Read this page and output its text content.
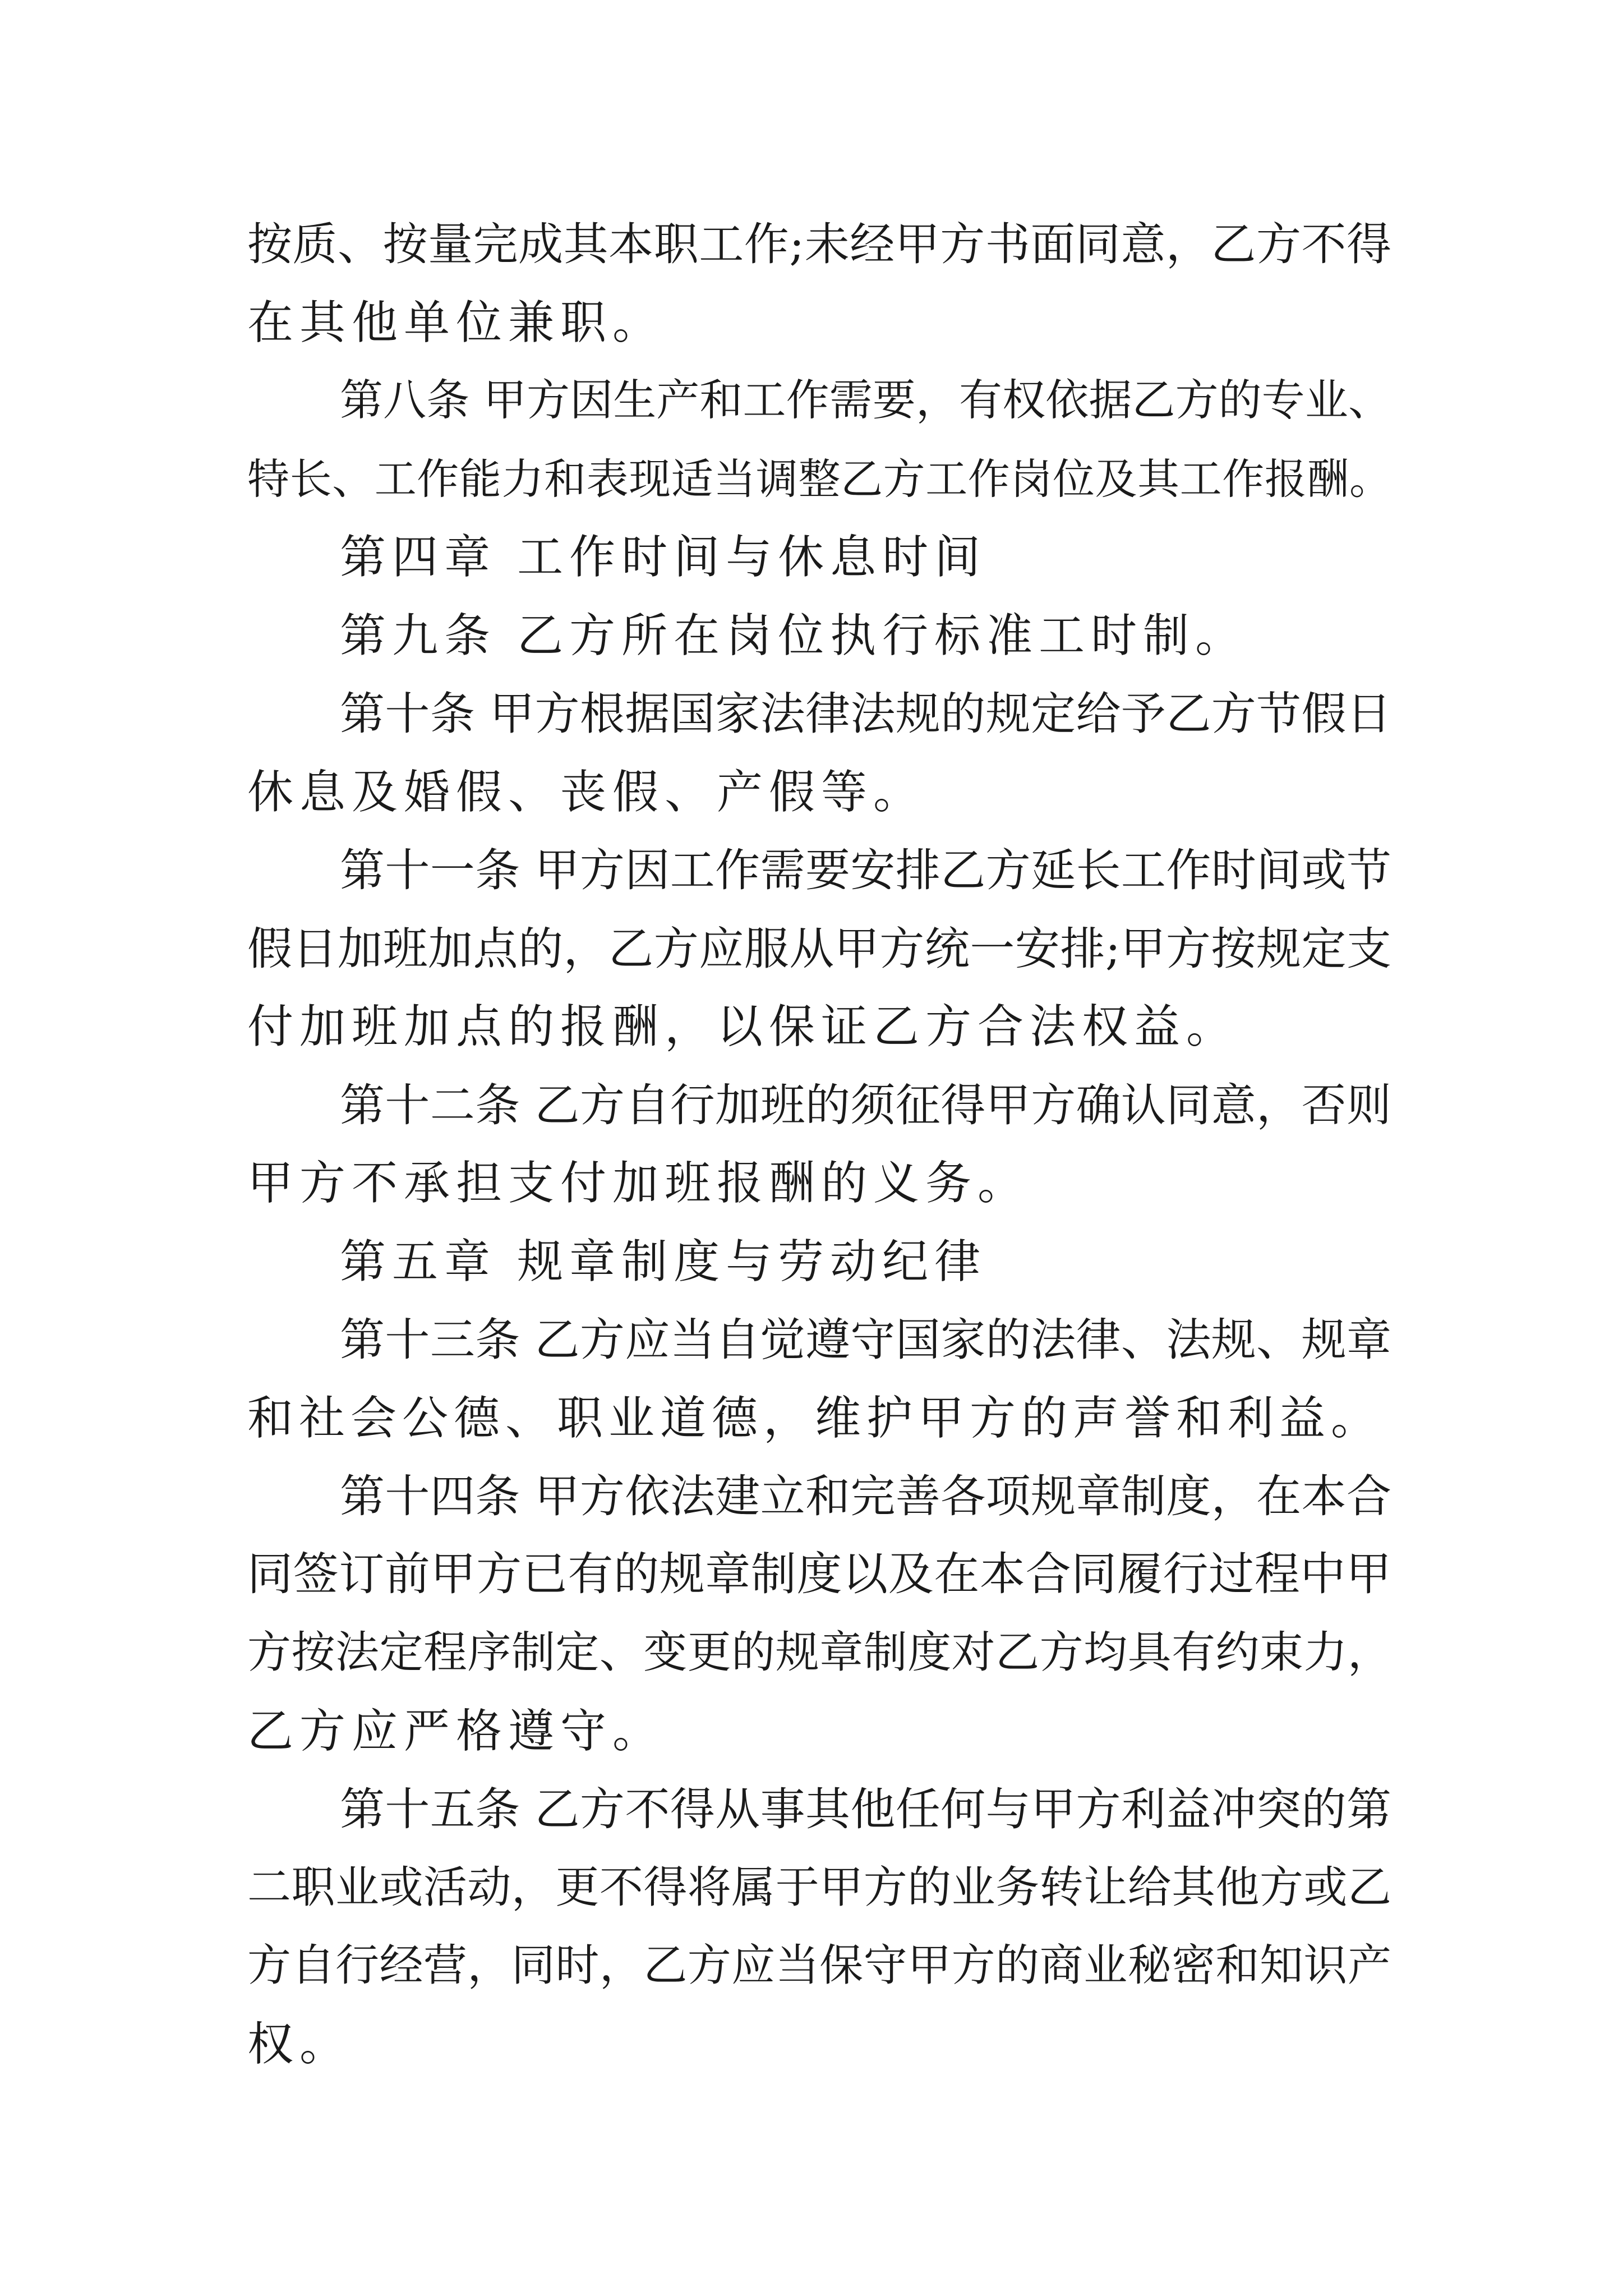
按质、按量完成其本职工作;未经甲方书面同意，乙方不得
在其他单位兼职。
第八条 甲方因生产和工作需要，有权依据乙方的专业、
特长、工作能力和表现适当调整乙方工作岗位及其工作报酬。
第四章 工作时间与休息时间
第九条 乙方所在岗位执行标准工时制。
第十条 甲方根据国家法律法规的规定给予乙方节假日
休息及婚假、丧假、产假等。
第十一条 甲方因工作需要安排乙方延长工作时间或节
假日加班加点的，乙方应服从甲方统一安排;甲方按规定支
付加班加点的报酬，以保证乙方合法权益。
第十二条 乙方自行加班的须征得甲方确认同意，否则
甲方不承担支付加班报酬的义务。
第五章 规章制度与劳动纪律
第十三条 乙方应当自觉遵守国家的法律、法规、规章
和社会公德、职业道德，维护甲方的声誉和利益。
第十四条 甲方依法建立和完善各项规章制度，在本合
同签订前甲方已有的规章制度以及在本合同履行过程中甲
方按法定程序制定、变更的规章制度对乙方均具有约束力，
乙方应严格遵守。
第十五条 乙方不得从事其他任何与甲方利益冲突的第
二职业或活动，更不得将属于甲方的业务转让给其他方或乙
方自行经营，同时，乙方应当保守甲方的商业秘密和知识产
权。
